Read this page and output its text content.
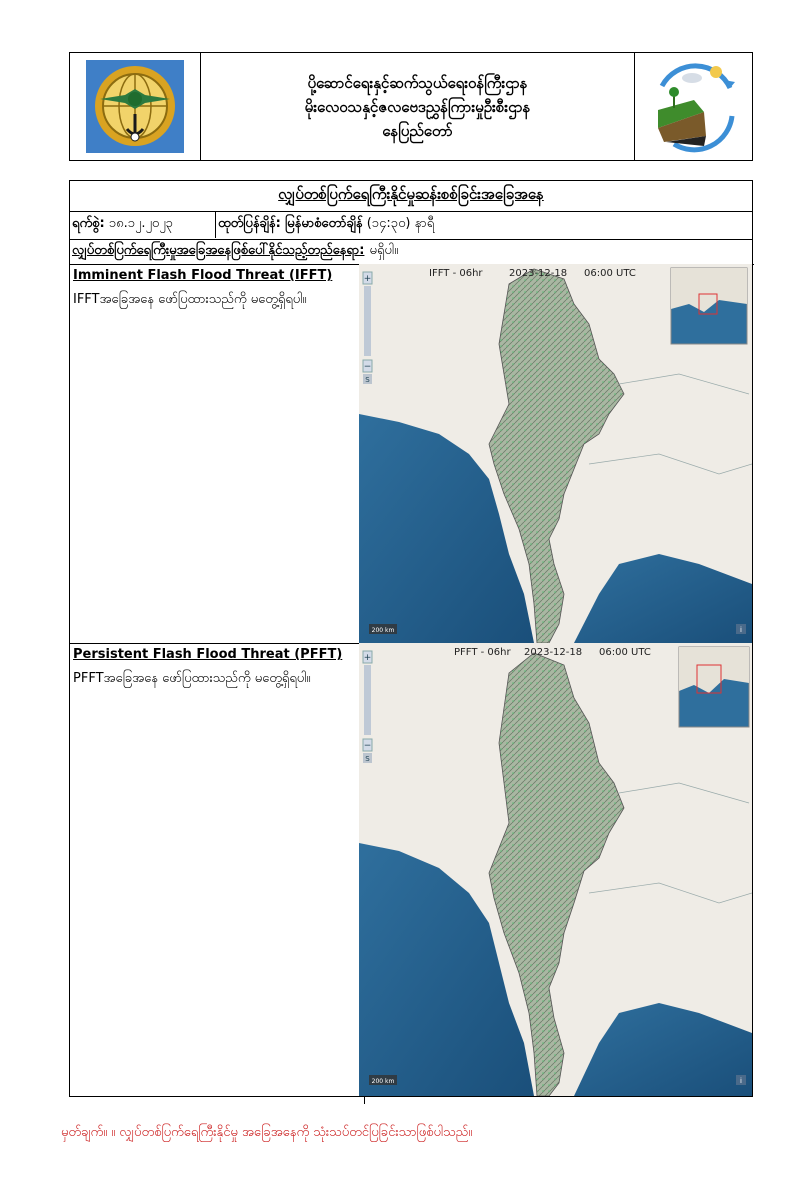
ပို့ဆောင်ရေးနှင့်ဆက်သွယ်ရေးဝန်ကြီးဌာန
မိုးလေဝသနှင့်ဇလဗေဒညွှန်ကြားမှုဦးစီးဌာန
နေပြည်တော်
လျှပ်တစ်ပြက်ရေကြီးနိုင်မှုဆန်းစစ်ခြင်းအခြေအနေ
ရက်စွဲ:
၁၈.၁၂.၂၀၂၃	ထုတ်ပြန်ချိန်:
မြန်မာစံတော်ချိန်
(၁၄:၃၀) နာရီ
လျှပ်တစ်ပြက်ရေကြီးမှုအခြေအနေဖြစ်ပေါ်နိုင်သည့်တည်နေရာ:
မရှိပါ။
Imminent Flash Flood Threat (IFFT)
IFFTအခြေအနေ ဖော်ပြထားသည်ကို မတွေ့ရှိရပါ။
+
−
S
IFFT - 06hr	2023-12-18 06:00 UTC
200 km	i
Persistent Flash Flood Threat (PFFT)
PFFTအခြေအနေ ဖော်ပြထားသည်ကို မတွေ့ရှိရပါ။
+
−
S
PFFT - 06hr 2023-12-18 06:00 UTC
200 km	i
မှတ်ချက်။ ။ လျှပ်တစ်ပြက်ရေကြီးနိုင်မှု အခြေအနေကို သုံးသပ်တင်ပြခြင်းသာဖြစ်ပါသည်။
